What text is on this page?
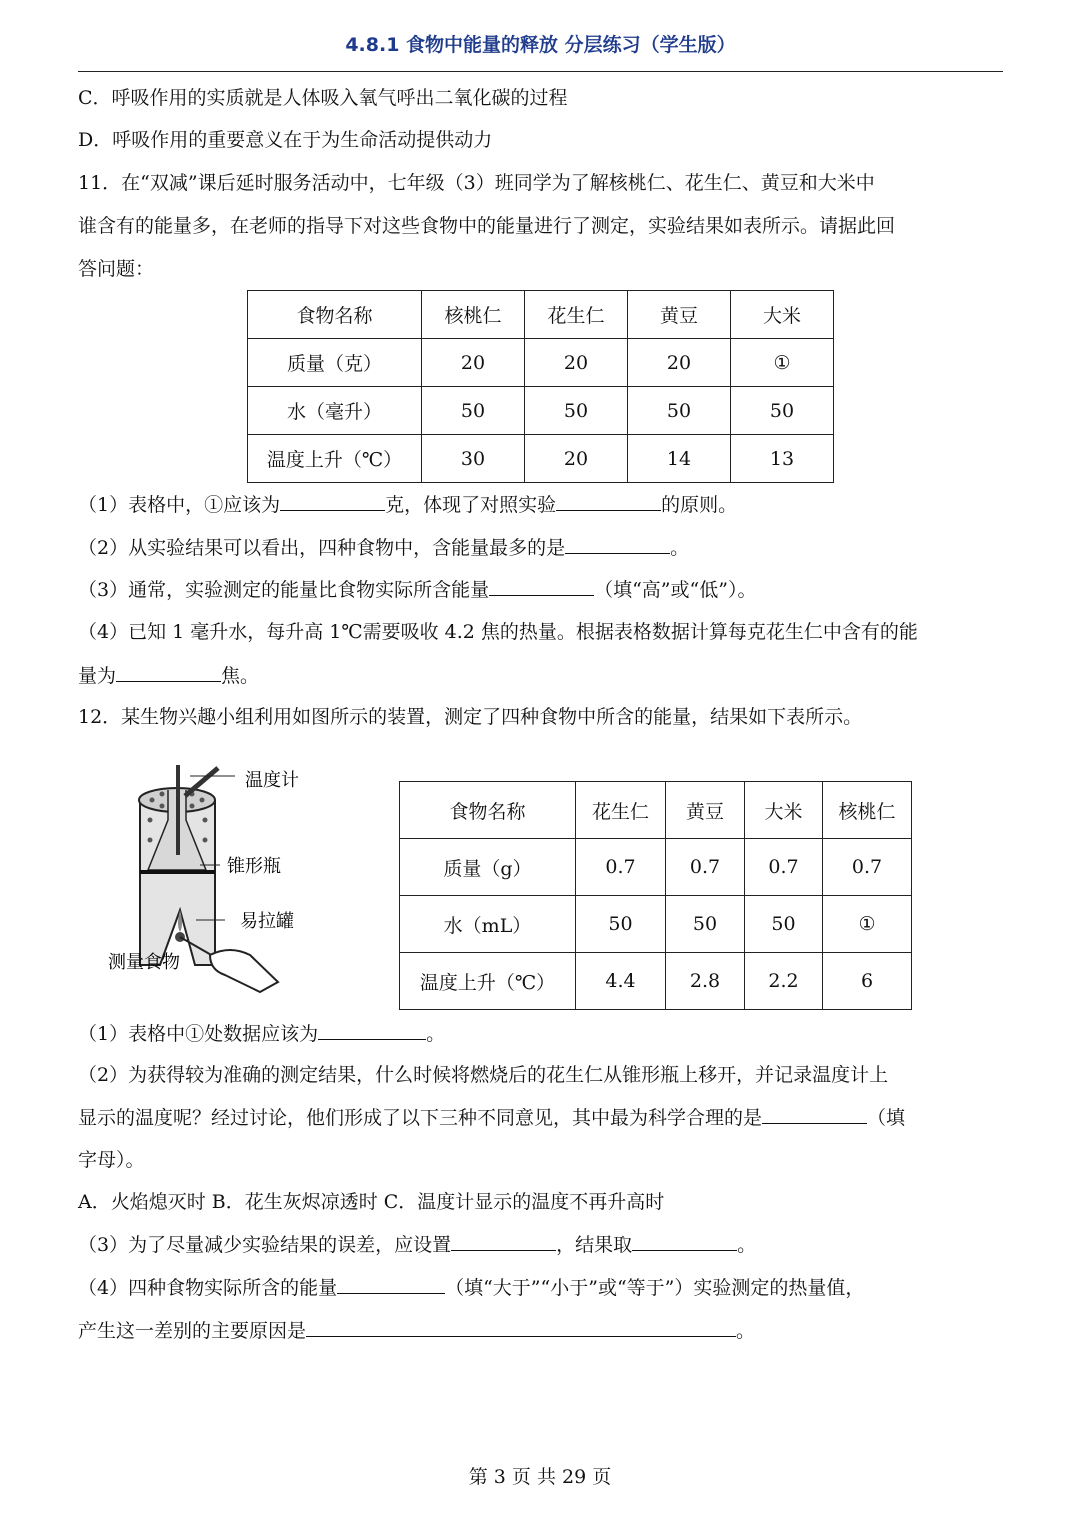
4.8.1 食物中能量的释放 分层练习（学生版）
C．呼吸作用的实质就是人体吸入氧气呼出二氧化碳的过程
D．呼吸作用的重要意义在于为生命活动提供动力
11．在“双减”课后延时服务活动中，七年级（3）班同学为了解核桃仁、花生仁、黄豆和大米中
谁含有的能量多，在老师的指导下对这些食物中的能量进行了测定，实验结果如表所示。请据此回
答问题：
食物名称	核桃仁	花生仁	黄豆	大米
质量（克）	20	20	20	①
水（毫升）	50	50	50	50
温度上升（℃）	30	20	14	13
（1）表格中，①应该为	克，体现了对照实验	的原则。
（2）从实验结果可以看出，四种食物中，含能量最多的是	。
（3）通常，实验测定的能量比食物实际所含能量	（填“高”或“低”）。
（4）已知 1 毫升水，每升高 1℃需要吸收 4.2 焦的热量。根据表格数据计算每克花生仁中含有的能
量为	焦。
12．某生物兴趣小组利用如图所示的装置，测定了四种食物中所含的能量，结果如下表所示。
温度计
锥形瓶
易拉罐
测量食物
食物名称	花生仁	黄豆	大米	核桃仁
质量（g）	0.7	0.7	0.7	0.7
水（mL）	50	50	50	①
温度上升（℃）	4.4	2.8	2.2	6
（1）表格中①处数据应该为	。
（2）为获得较为准确的测定结果，什么时候将燃烧后的花生仁从锥形瓶上移开，并记录温度计上
显示的温度呢？经过讨论，他们形成了以下三种不同意见，其中最为科学合理的是	（填
字母）。
A．火焰熄灭时 B．花生灰烬凉透时 C．温度计显示的温度不再升高时
（3）为了尽量减少实验结果的误差，应设置	，结果取	。
（4）四种食物实际所含的能量	（填“大于”“小于”或“等于”）实验测定的热量值，
产生这一差别的主要原因是	。
第 3 页 共 29 页
